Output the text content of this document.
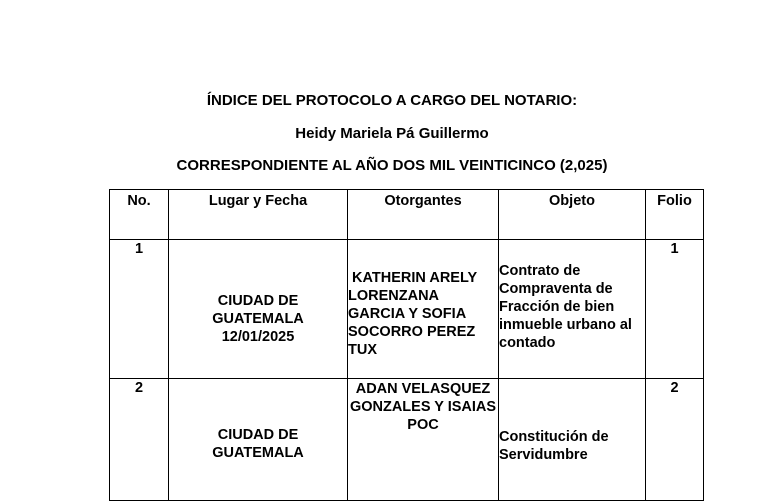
ÍNDICE DEL PROTOCOLO A CARGO DEL NOTARIO:
Heidy Mariela Pá Guillermo
CORRESPONDIENTE AL AÑO DOS MIL VEINTICINCO (2,025)
No.	Lugar y Fecha	Otorgantes	Objeto	Folio
1	CIUDAD DE
GUATEMALA
12/01/2025	KATHERIN ARELY LORENZANA GARCIA Y SOFIA SOCORRO PEREZ TUX	Contrato de Compraventa de Fracción de bien inmueble urbano al contado	1
2	CIUDAD DE
GUATEMALA	ADAN VELASQUEZ GONZALES Y ISAIAS POC	Constitución de Servidumbre	2
